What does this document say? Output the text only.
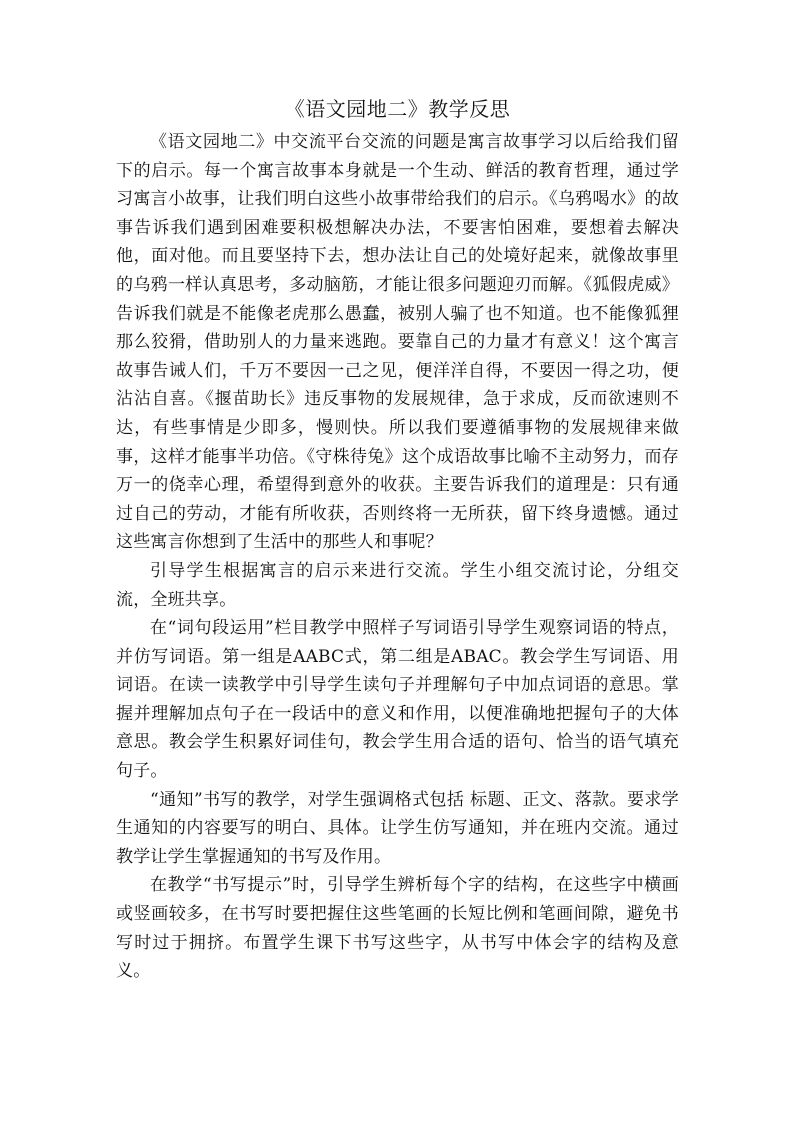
《语文园地二》教学反思

《语文园地二》中交流平台交流的问题是寓言故事学习以后给我们留下的启示。每一个寓言故事本身就是一个生动、鲜活的教育哲理，通过学习寓言小故事，让我们明白这些小故事带给我们的启示。《乌鸦喝水》的故事告诉我们遇到困难要积极想解决办法，不要害怕困难，要想着去解决他，面对他。而且要坚持下去，想办法让自己的处境好起来，就像故事里的乌鸦一样认真思考，多动脑筋，才能让很多问题迎刃而解。《狐假虎威》告诉我们就是不能像老虎那么愚蠢，被别人骗了也不知道。也不能像狐狸那么狡猾，借助别人的力量来逃跑。要靠自己的力量才有意义！这个寓言故事告诫人们，千万不要因一己之见，便洋洋自得，不要因一得之功，便沾沾自喜。《揠苗助长》违反事物的发展规律，急于求成，反而欲速则不达，有些事情是少即多，慢则快。所以我们要遵循事物的发展规律来做事，这样才能事半功倍。《守株待兔》这个成语故事比喻不主动努力，而存万一的侥幸心理，希望得到意外的收获。主要告诉我们的道理是：只有通过自己的劳动，才能有所收获，否则终将一无所获，留下终身遗憾。通过这些寓言你想到了生活中的那些人和事呢？

引导学生根据寓言的启示来进行交流。学生小组交流讨论，分组交流，全班共享。

在“词句段运用”栏目教学中照样子写词语引导学生观察词语的特点，并仿写词语。第一组是AABC式，第二组是ABAC。教会学生写词语、用词语。在读一读教学中引导学生读句子并理解句子中加点词语的意思。掌握并理解加点句子在一段话中的意义和作用，以便准确地把握句子的大体意思。教会学生积累好词佳句，教会学生用合适的语句、恰当的语气填充句子。

“通知”书写的教学，对学生强调格式包括 标题、正文、落款。要求学生通知的内容要写的明白、具体。让学生仿写通知，并在班内交流。通过教学让学生掌握通知的书写及作用。

在教学“书写提示”时，引导学生辨析每个字的结构，在这些字中横画或竖画较多，在书写时要把握住这些笔画的长短比例和笔画间隙，避免书写时过于拥挤。布置学生课下书写这些字，从书写中体会字的结构及意义。
